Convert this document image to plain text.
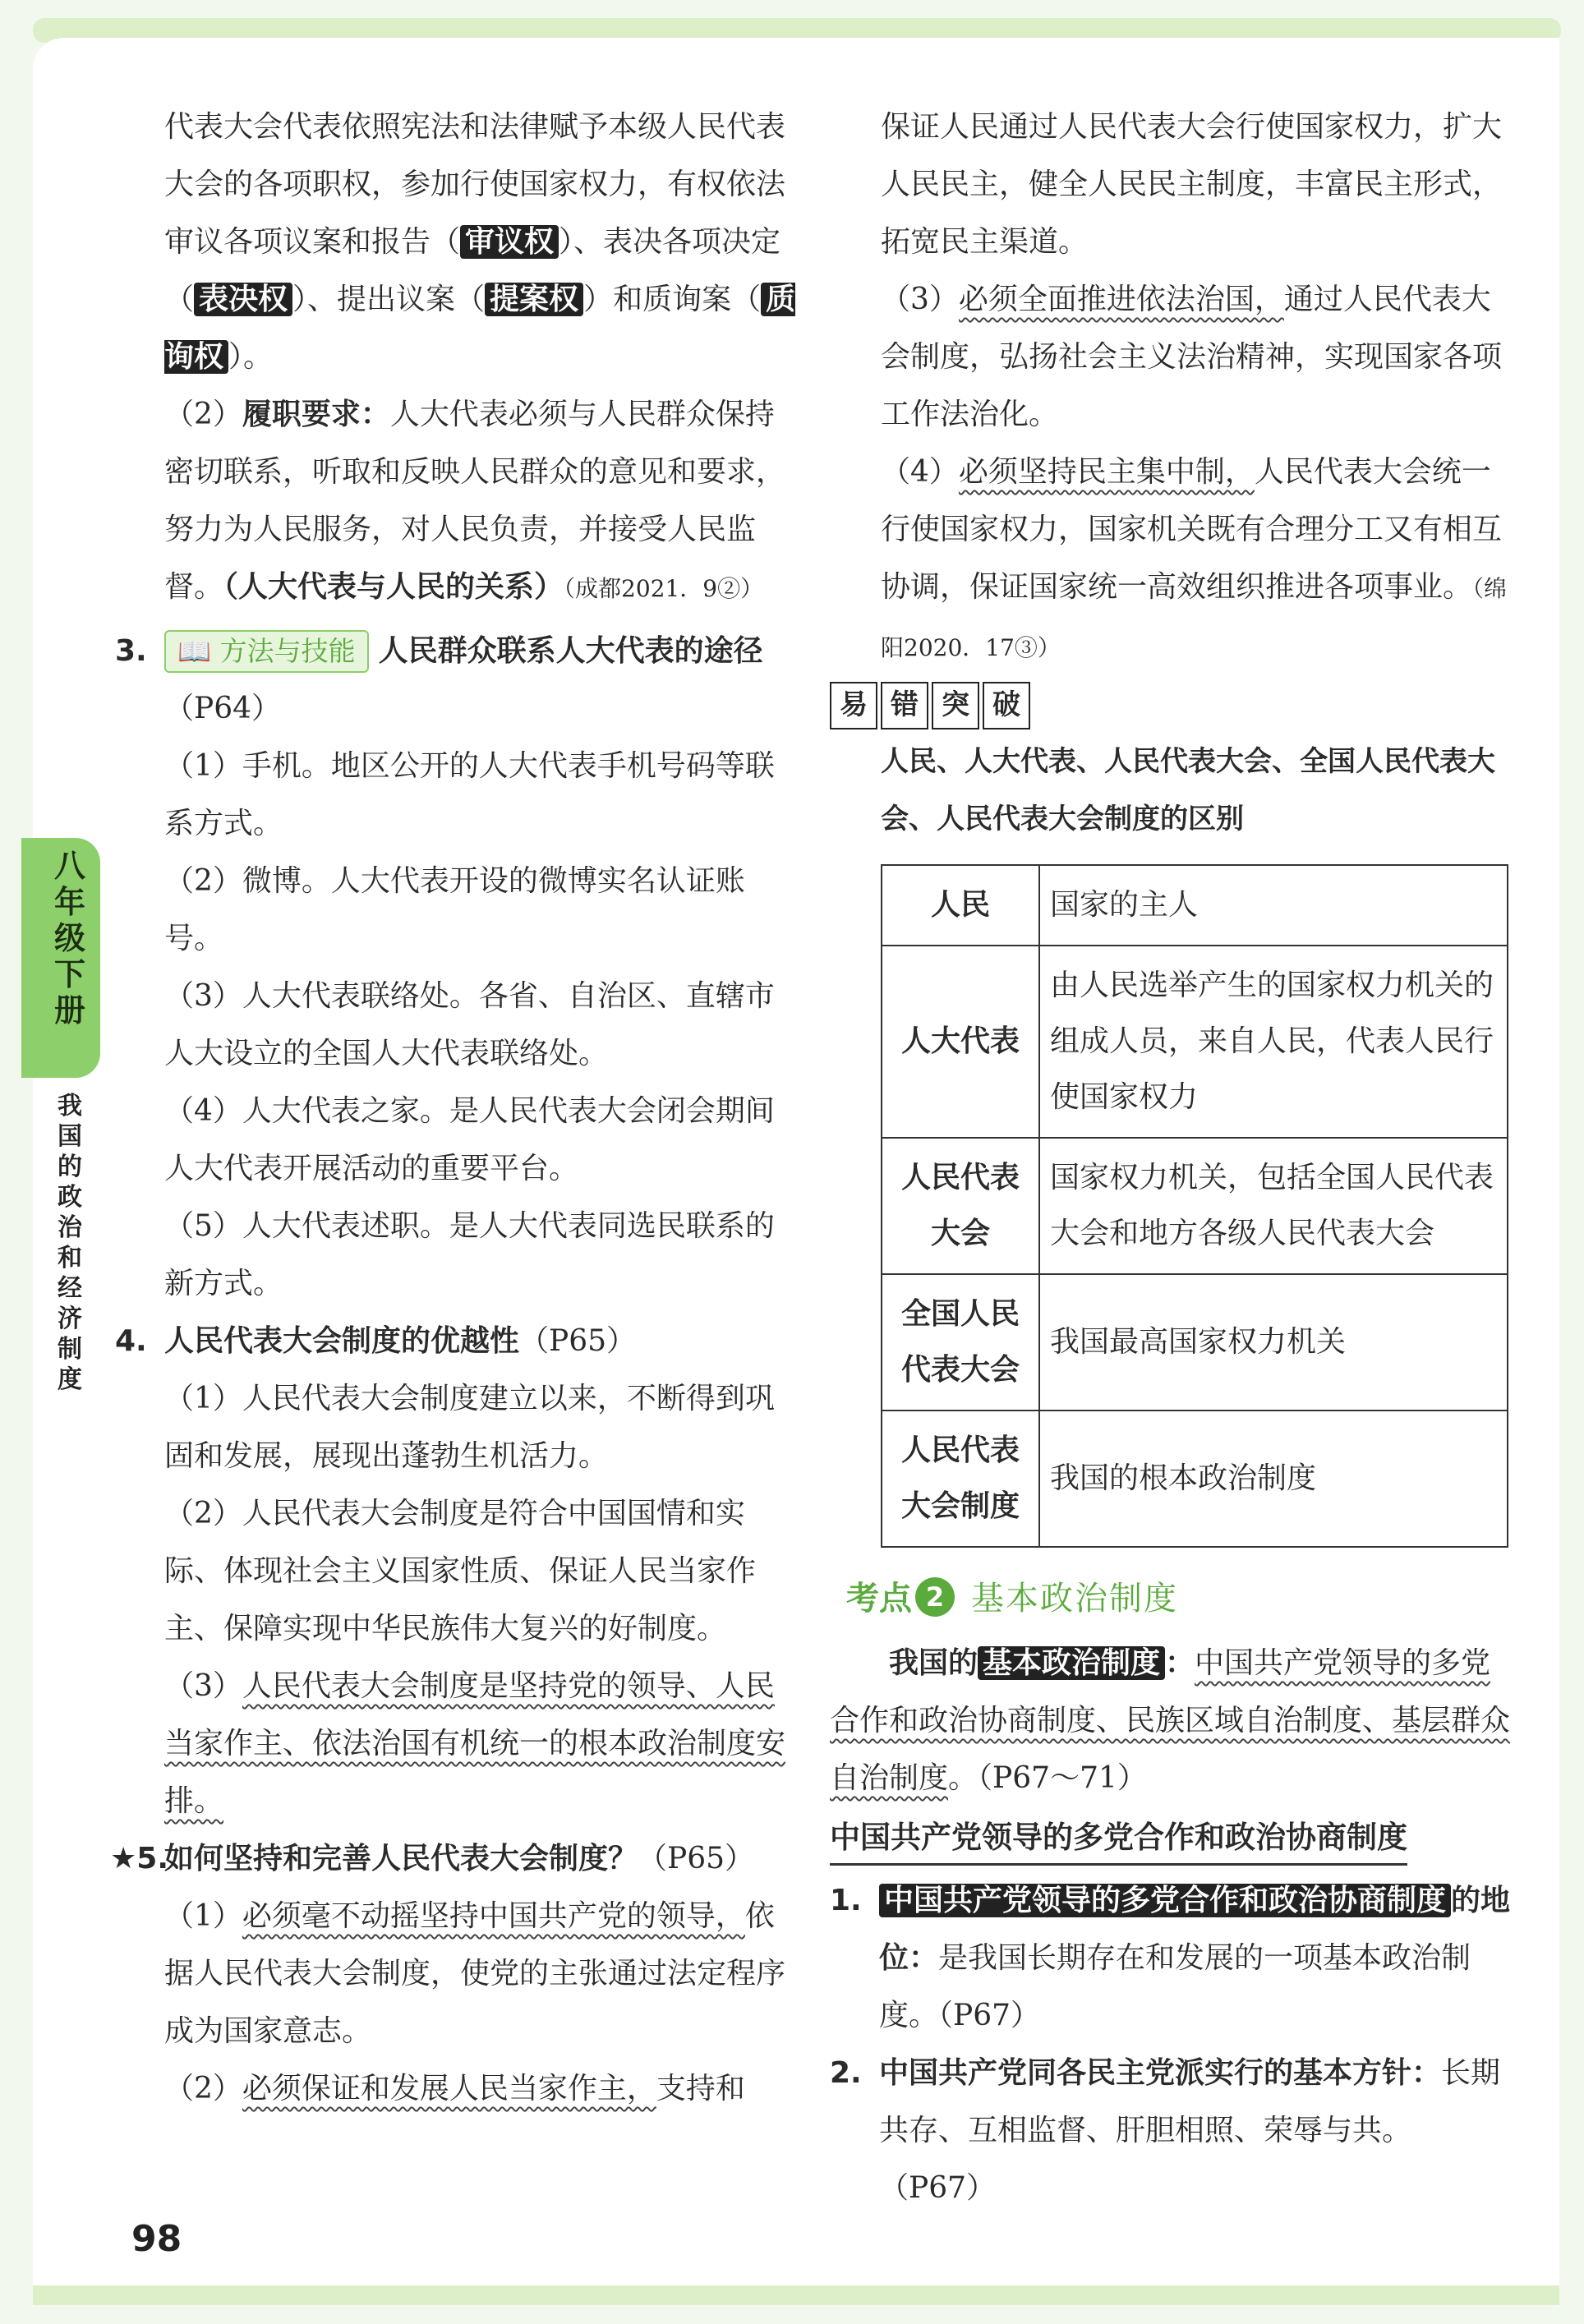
八年级下册
我国的政治和经济制度

代表大会代表依照宪法和法律赋予本级人民代表大会的各项职权，参加行使国家权力，有权依法审议各项议案和报告（ 审议权 ）、表决各项决定（ 表决权 ）、提出议案（ 提案权 ）和质询案（ 质询权 ）。

（2）履职要求：人大代表必须与人民群众保持密切联系，听取和反映人民群众的意见和要求，努力为人民服务，对人民负责，并接受人民监督。（人大代表与人民的关系）（成都2021．9②）

3. 📖 方法与技能 人民群众联系人大代表的途径（P64）

（1）手机。地区公开的人大代表手机号码等联系方式。

（2）微博。人大代表开设的微博实名认证账号。

（3）人大代表联络处。各省、自治区、直辖市人大设立的全国人大代表联络处。

（4）人大代表之家。是人民代表大会闭会期间人大代表开展活动的重要平台。

（5）人大代表述职。是人大代表同选民联系的新方式。

4. 人民代表大会制度的优越性（P65）

（1）人民代表大会制度建立以来，不断得到巩固和发展，展现出蓬勃生机活力。

（2）人民代表大会制度是符合中国国情和实际、体现社会主义国家性质、保证人民当家作主、保障实现中华民族伟大复兴的好制度。

（3）人民代表大会制度是坚持党的领导、人民当家作主、依法治国有机统一的根本政治制度安排。

★5.
如何坚持和完善人民代表大会制度？（P65）

（1）必须毫不动摇坚持中国共产党的领导，依据人民代表大会制度，使党的主张通过法定程序成为国家意志。

（2）必须保证和发展人民当家作主，支持和

保证人民通过人民代表大会行使国家权力，扩大人民民主，健全人民民主制度，丰富民主形式，拓宽民主渠道。

（3）必须全面推进依法治国，通过人民代表大会制度，弘扬社会主义法治精神，实现国家各项工作法治化。

（4）必须坚持民主集中制，人民代表大会统一行使国家权力，国家机关既有合理分工又有相互协调，保证国家统一高效组织推进各项事业。（绵阳2020．17③）

易 错 突 破

人民、人大代表、人民代表大会、全国人民代表大会、人民代表大会制度的区别

人民	国家的主人
人大代表	由人民选举产生的国家权力机关的组成人员，来自人民，代表人民行使国家权力
人民代表大会	国家权力机关，包括全国人民代表大会和地方各级人民代表大会
全国人民代表大会	我国最高国家权力机关
人民代表大会制度	我国的根本政治制度
考点 2 基本政治制度

我国的 基本政治制度 ：中国共产党领导的多党合作和政治协商制度、民族区域自治制度、基层群众自治制度。（P67～71）

中国共产党领导的多党合作和政治协商制度
1. 中国共产党领导的多党合作和政治协商制度 的地位：是我国长期存在和发展的一项基本政治制度。（P67）
2. 中国共产党同各民主党派实行的基本方针：长期共存、互相监督、肝胆相照、荣辱与共。（P67）
98
